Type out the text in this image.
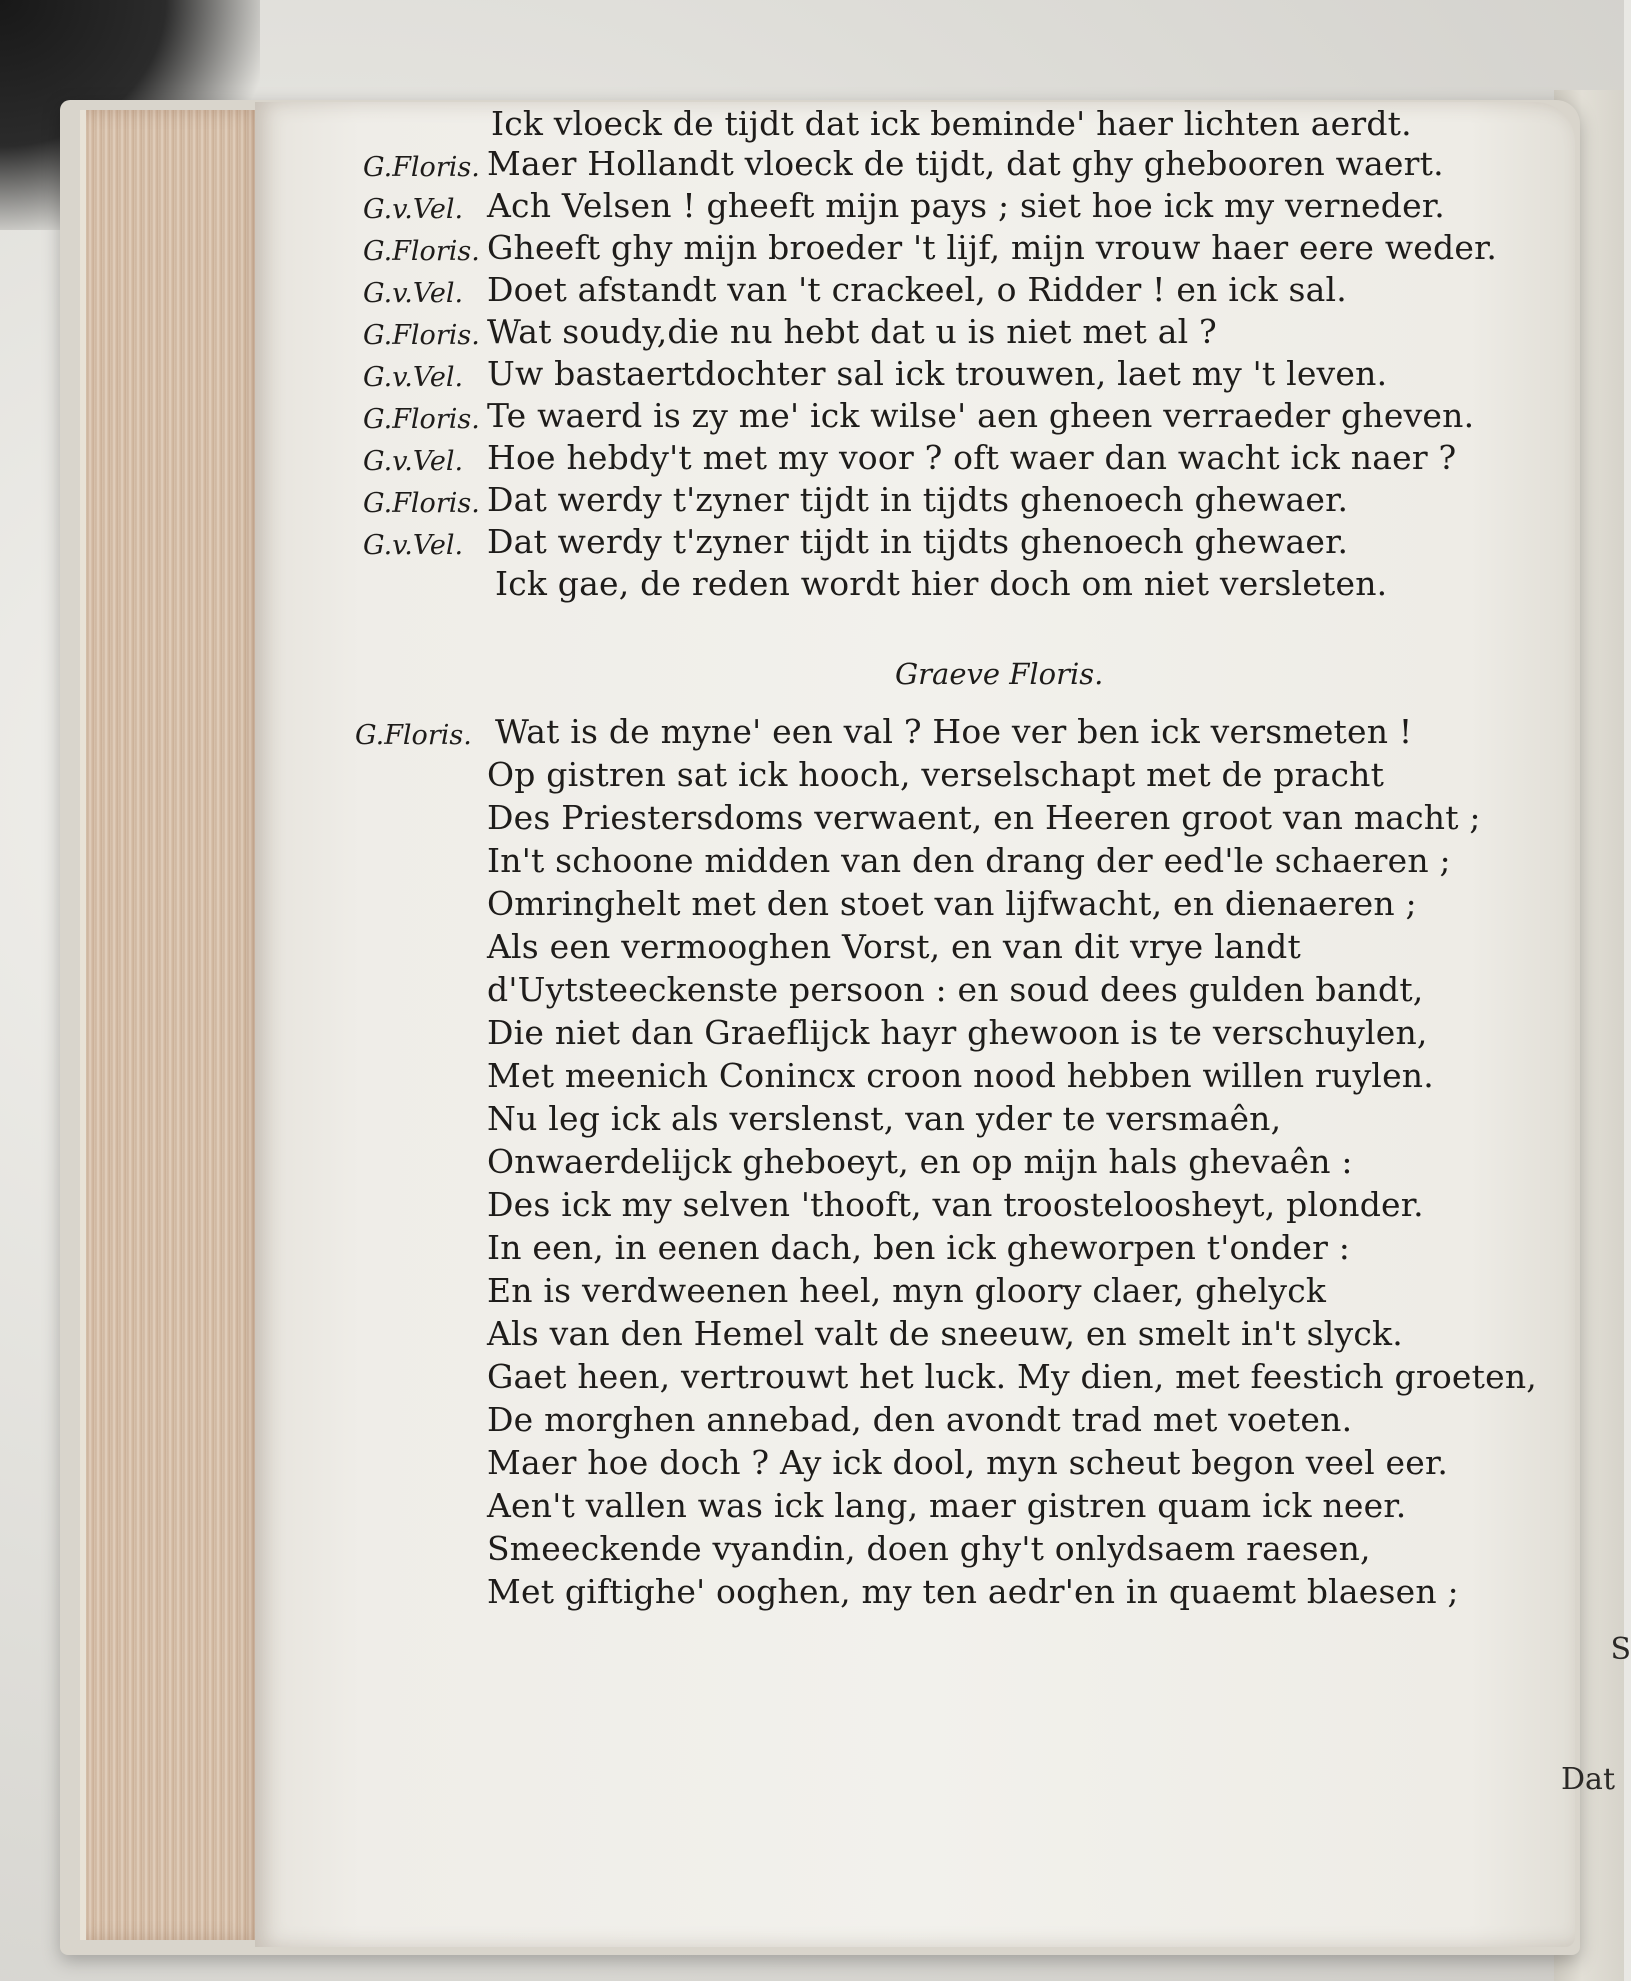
Ick vloeck de tijdt dat ick beminde' haer lichten aerdt.
G.Floris. Maer Hollandt vloeck de tijdt, dat ghy ghebooren waert.
G.v.Vel. Ach Velsen ! gheeft mijn pays ; siet hoe ick my verneder.
G.Floris. Gheeft ghy mijn broeder 't lijf, mijn vrouw haer eere weder.
G.v.Vel. Doet afstandt van 't crackeel, o Ridder ! en ick sal.
G.Floris. Wat soudy,die nu hebt dat u is niet met al ?
G.v.Vel. Uw bastaertdochter sal ick trouwen, laet my 't leven.
G.Floris. Te waerd is zy me' ick wilse' aen gheen verraeder gheven.
G.v.Vel. Hoe hebdy't met my voor ? oft waer dan wacht ick naer ?
G.Floris. Dat werdy t'zyner tijdt in tijdts ghenoech ghewaer.
G.v.Vel. Dat werdy t'zyner tijdt in tijdts ghenoech ghewaer.
Ick gae, de reden wordt hier doch om niet versleten.
Graeve Floris.
G.Floris. Wat is de myne' een val ? Hoe ver ben ick versmeten !
Op gistren sat ick hooch, verselschapt met de pracht
Des Priestersdoms verwaent, en Heeren groot van macht ;
In't schoone midden van den drang der eed'le schaeren ;
Omringhelt met den stoet van lijfwacht, en dienaeren ;
Als een vermooghen Vorst, en van dit vrye landt
d'Uytsteeckenste persoon : en soud dees gulden bandt,
Die niet dan Graeflijck hayr ghewoon is te verschuylen,
Met meenich Conincx croon nood hebben willen ruylen.
Nu leg ick als verslenst, van yder te versmaên,
Onwaerdelijck gheboeyt, en op mijn hals ghevaên :
Des ick my selven 'thooft, van troosteloosheyt, plonder.
In een, in eenen dach, ben ick gheworpen t'onder :
En is verdweenen heel, myn gloory claer, ghelyck
Als van den Hemel valt de sneeuw, en smelt in't slyck.
Gaet heen, vertrouwt het luck. My dien, met feestich groeten,
De morghen annebad, den avondt trad met voeten.
Maer hoe doch ? Ay ick dool, myn scheut begon veel eer.
Aen't vallen was ick lang, maer gistren quam ick neer.
Smeeckende vyandin, doen ghy't onlydsaem raesen,
Met giftighe' ooghen, my ten aedr'en in quaemt blaesen ;
Dat
S
